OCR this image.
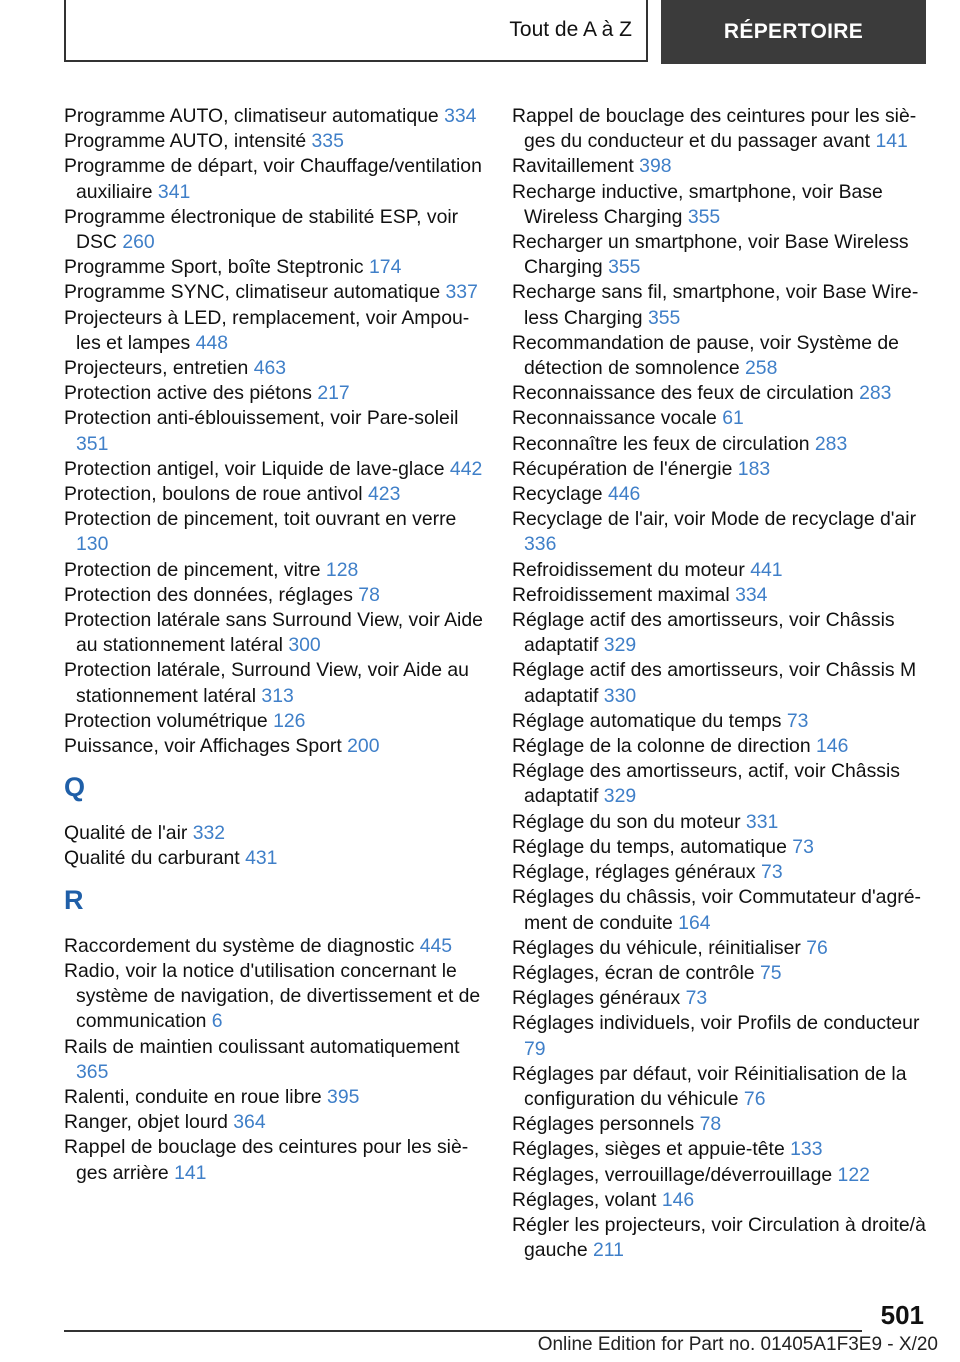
Tout de A à Z	RÉPERTOIRE

Programme AUTO, climatiseur automatique 334

Programme AUTO, intensité 335

Programme de départ, voir Chauffage/ventilation auxiliaire 341

Programme électronique de stabilité ESP, voir DSC 260

Programme Sport, boîte Steptronic 174

Programme SYNC, climatiseur automatique 337

Projecteurs à LED, remplacement, voir Ampoules et lampes 448

Projecteurs, entretien 463

Protection active des piétons 217

Protection anti-éblouissement, voir Pare-soleil 351

Protection antigel, voir Liquide de lave-glace 442

Protection, boulons de roue antivol 423

Protection de pincement, toit ouvrant en verre 130

Protection de pincement, vitre 128

Protection des données, réglages 78

Protection latérale sans Surround View, voir Aide au stationnement latéral 300

Protection latérale, Surround View, voir Aide au stationnement latéral 313

Protection volumétrique 126

Puissance, voir Affichages Sport 200

Q

Qualité de l'air 332

Qualité du carburant 431

R

Raccordement du système de diagnostic 445

Radio, voir la notice d'utilisation concernant le système de navigation, de divertissement et de communication 6

Rails de maintien coulissant automatiquement 365

Ralenti, conduite en roue libre 395

Ranger, objet lourd 364

Rappel de bouclage des ceintures pour les sièges arrière 141

Rappel de bouclage des ceintures pour les sièges du conducteur et du passager avant 141

Ravitaillement 398

Recharge inductive, smartphone, voir Base Wireless Charging 355

Recharger un smartphone, voir Base Wireless Charging 355

Recharge sans fil, smartphone, voir Base Wireless Charging 355

Recommandation de pause, voir Système de détection de somnolence 258

Reconnaissance des feux de circulation 283

Reconnaissance vocale 61

Reconnaître les feux de circulation 283

Récupération de l'énergie 183

Recyclage 446

Recyclage de l'air, voir Mode de recyclage d'air 336

Refroidissement du moteur 441

Refroidissement maximal 334

Réglage actif des amortisseurs, voir Châssis adaptatif 329

Réglage actif des amortisseurs, voir Châssis M adaptatif 330

Réglage automatique du temps 73

Réglage de la colonne de direction 146

Réglage des amortisseurs, actif, voir Châssis adaptatif 329

Réglage du son du moteur 331

Réglage du temps, automatique 73

Réglage, réglages généraux 73

Réglages du châssis, voir Commutateur d'agrément de conduite 164

Réglages du véhicule, réinitialiser 76

Réglages, écran de contrôle 75

Réglages généraux 73

Réglages individuels, voir Profils de conducteur 79

Réglages par défaut, voir Réinitialisation de la configuration du véhicule 76

Réglages personnels 78

Réglages, sièges et appuie-tête 133

Réglages, verrouillage/déverrouillage 122

Réglages, volant 146

Régler les projecteurs, voir Circulation à droite/à gauche 211

501
Online Edition for Part no. 01405A1F3E9 - X/20
